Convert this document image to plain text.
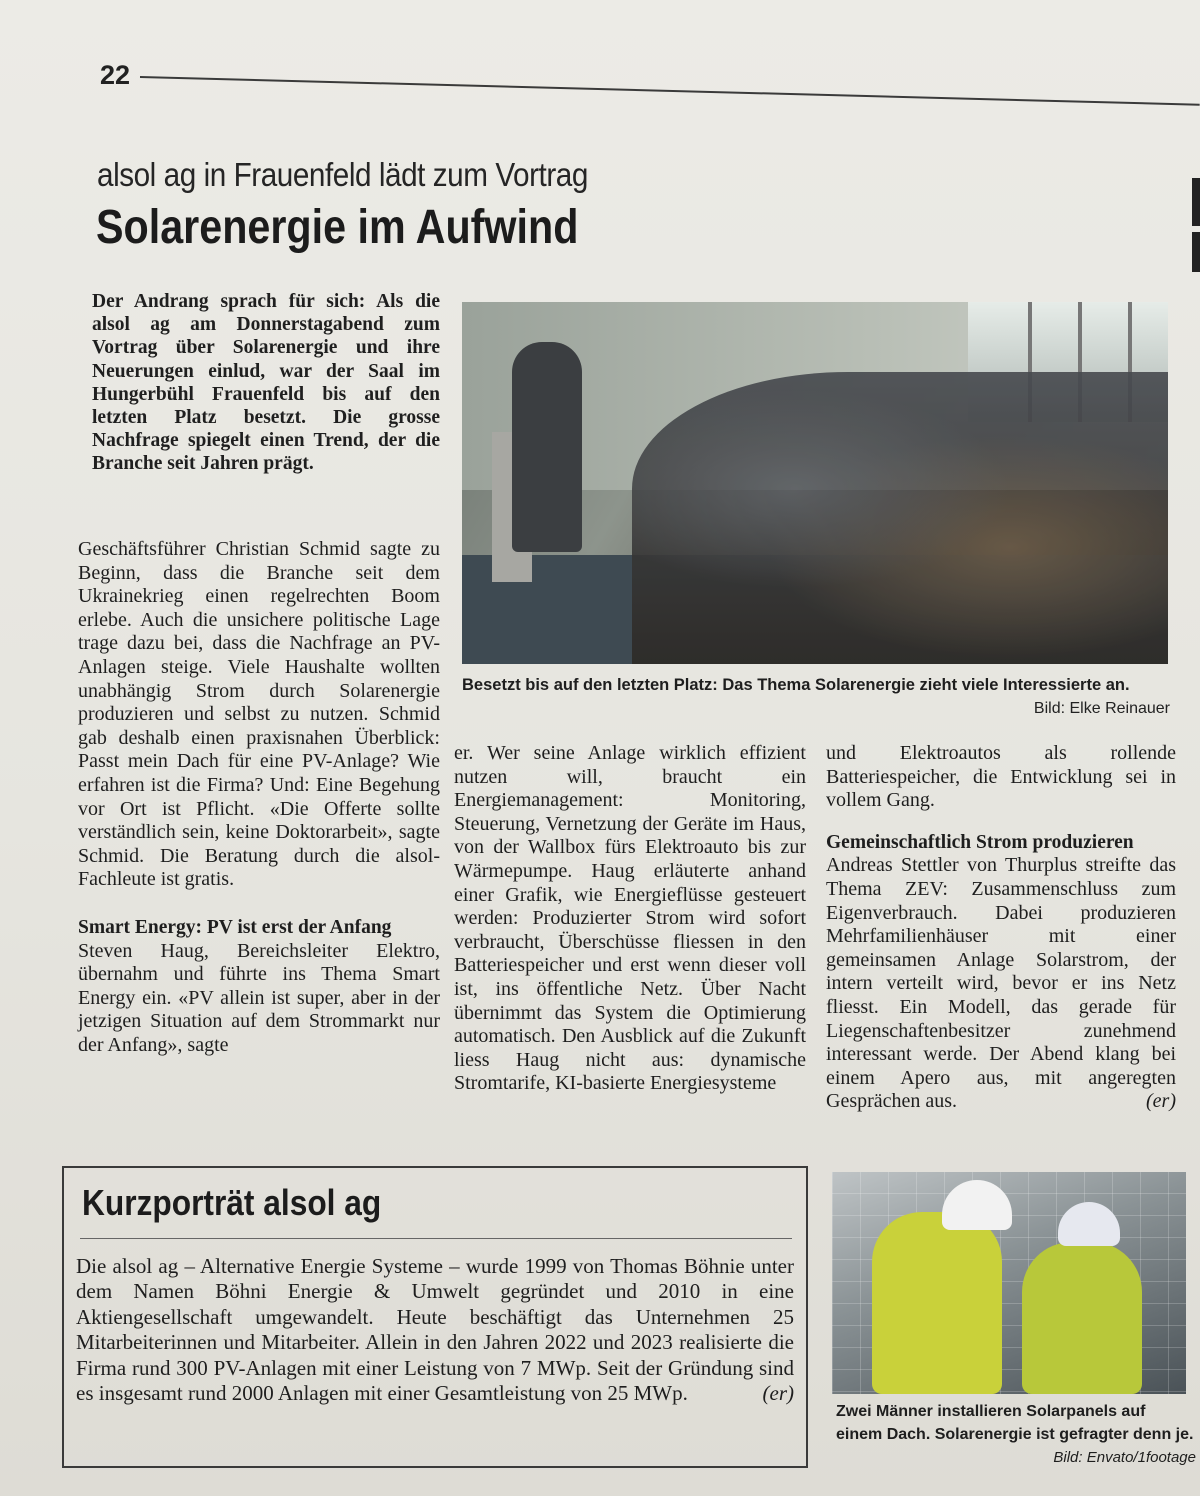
22
alsol ag in Frauenfeld lädt zum Vortrag
Solarenergie im Aufwind

Der Andrang sprach für sich: Als die alsol ag am Donnerstagabend zum Vortrag über Solarenergie und ihre Neuerungen einlud, war der Saal im Hungerbühl Frauenfeld bis auf den letzten Platz besetzt. Die grosse Nachfrage spiegelt einen Trend, der die Branche seit Jahren prägt.

Geschäftsführer Christian Schmid sagte zu Beginn, dass die Branche seit dem Ukrainekrieg einen regelrechten Boom erlebe. Auch die unsichere politische Lage trage dazu bei, dass die Nachfrage an PV-Anlagen steige. Viele Haushalte wollten unabhängig Strom durch Solarenergie produzieren und selbst zu nutzen. Schmid gab deshalb einen praxisnahen Überblick: Passt mein Dach für eine PV-Anlage? Wie erfahren ist die Firma? Und: Eine Begehung vor Ort ist Pflicht. «Die Offerte sollte verständlich sein, keine Doktorarbeit», sagte Schmid. Die Beratung durch die alsol-Fachleute ist gratis.
Smart Energy: PV ist erst der Anfang
Steven Haug, Bereichsleiter Elektro, übernahm und führte ins Thema Smart Energy ein. «PV allein ist super, aber in der jetzigen Situation auf dem Strommarkt nur der Anfang», sagte
Besetzt bis auf den letzten Platz: Das Thema Solarenergie zieht viele Interessierte an.
Bild: Elke Reinauer
er. Wer seine Anlage wirklich effizient nutzen will, braucht ein Energiemanagement: Monitoring, Steuerung, Vernetzung der Geräte im Haus, von der Wallbox fürs Elektroauto bis zur Wärmepumpe. Haug erläuterte anhand einer Grafik, wie Energieflüsse gesteuert werden: Produzierter Strom wird sofort verbraucht, Überschüsse fliessen in den Batteriespeicher und erst wenn dieser voll ist, ins öffentliche Netz. Über Nacht übernimmt das System die Optimierung automatisch. Den Ausblick auf die Zukunft liess Haug nicht aus: dynamische Stromtarife, KI-basierte Energiesysteme
und Elektroautos als rollende Batteriespeicher, die Entwicklung sei in vollem Gang.
Gemeinschaftlich Strom produzieren
Andreas Stettler von Thurplus streifte das Thema ZEV: Zusammenschluss zum Eigenverbrauch. Dabei produzieren Mehrfamilienhäuser mit einer gemeinsamen Anlage Solarstrom, der intern verteilt wird, bevor er ins Netz fliesst. Ein Modell, das gerade für Liegenschaftenbesitzer zunehmend interessant werde. Der Abend klang bei einem Apero aus, mit angeregten Gesprächen aus.	(er)
Kurzporträt alsol ag

Die alsol ag – Alternative Energie Systeme – wurde 1999 von Thomas Böhnie unter dem Namen Böhni Energie & Umwelt gegründet und 2010 in eine Aktiengesellschaft umgewandelt. Heute beschäftigt das Unternehmen 25 Mitarbeiterinnen und Mitarbeiter. Allein in den Jahren 2022 und 2023 realisierte die Firma rund 300 PV-Anlagen mit einer Leistung von 7 MWp. Seit der Gründung sind es insgesamt rund 2000 Anlagen mit einer Gesamtleistung von 25 MWp.	(er)

Zwei Männer installieren Solarpanels auf einem Dach. Solarenergie ist gefragter denn je.
Bild: Envato/1footage
